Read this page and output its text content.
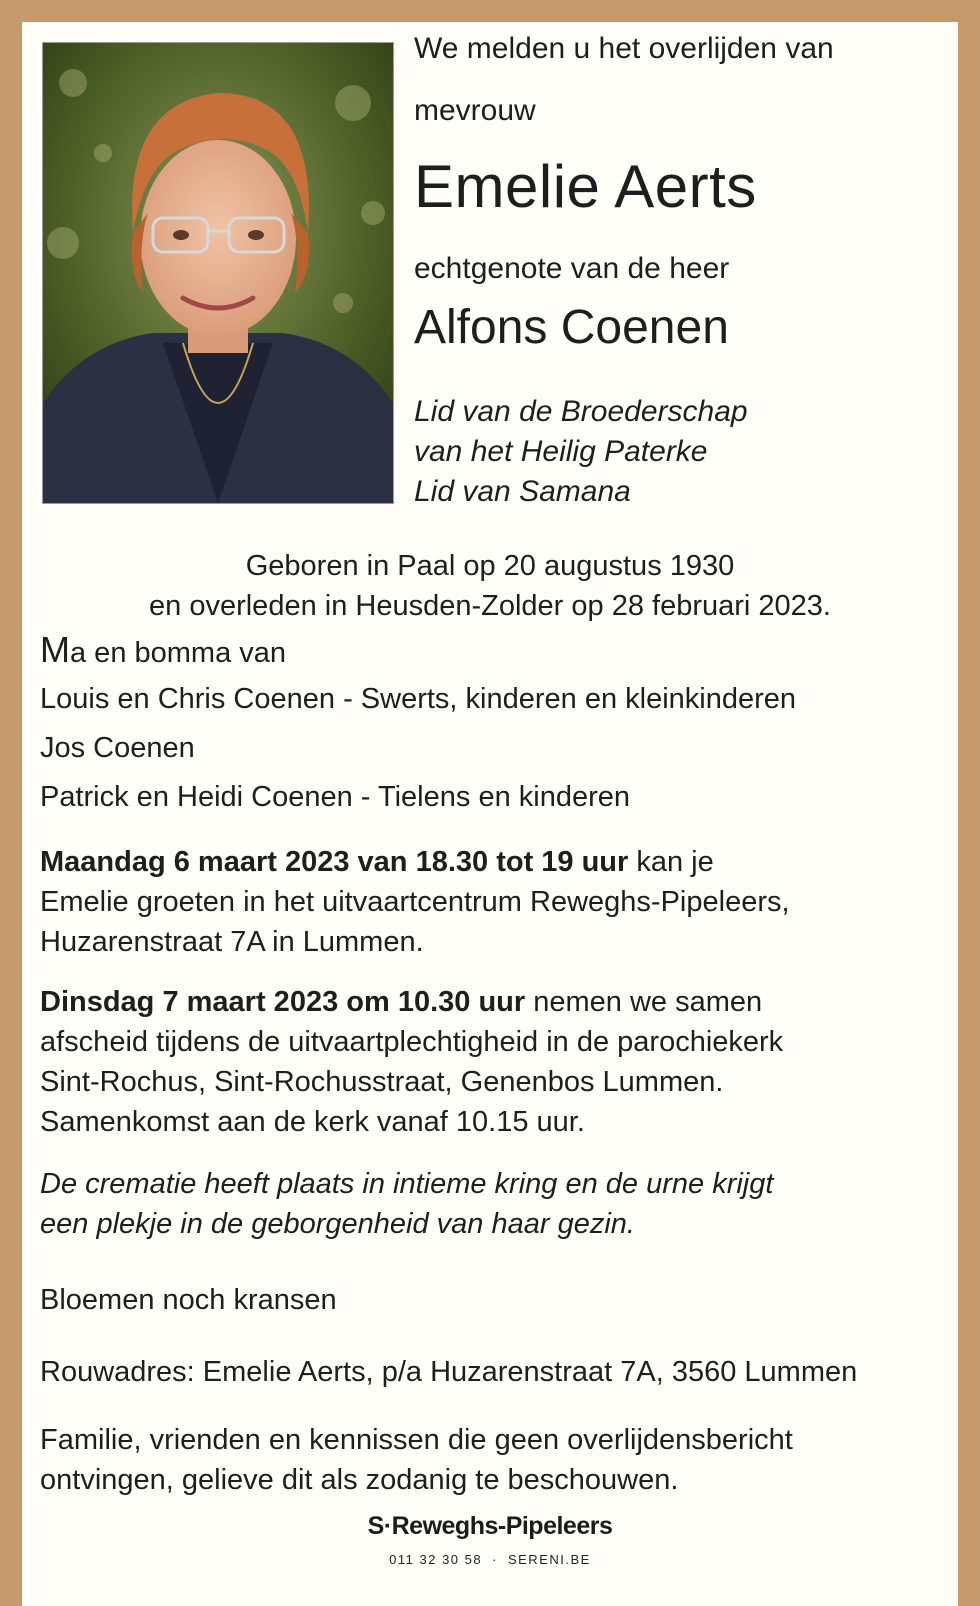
We melden u het overlijden van
mevrouw
Emelie Aerts
echtgenote van de heer
Alfons Coenen
Lid van de Broederschap
van het Heilig Paterke
Lid van Samana
Geboren in Paal op 20 augustus 1930
en overleden in Heusden-Zolder op 28 februari 2023.
Ma en bomma van
Louis en Chris Coenen - Swerts, kinderen en kleinkinderen
Jos Coenen
Patrick en Heidi Coenen - Tielens en kinderen
Maandag 6 maart 2023 van 18.30 tot 19 uur kan je
Emelie groeten in het uitvaartcentrum Reweghs-Pipeleers,
Huzarenstraat 7A in Lummen.
Dinsdag 7 maart 2023 om 10.30 uur nemen we samen
afscheid tijdens de uitvaartplechtigheid in de parochiekerk
Sint-Rochus, Sint-Rochusstraat, Genenbos Lummen.
Samenkomst aan de kerk vanaf 10.15 uur.
De crematie heeft plaats in intieme kring en de urne krijgt
een plekje in de geborgenheid van haar gezin.
Bloemen noch kransen
Rouwadres: Emelie Aerts, p/a Huzarenstraat 7A, 3560 Lummen
Familie, vrienden en kennissen die geen overlijdensbericht
ontvingen, gelieve dit als zodanig te beschouwen.
S·Reweghs-Pipeleers
011 32 30 58 · SERENI.BE
